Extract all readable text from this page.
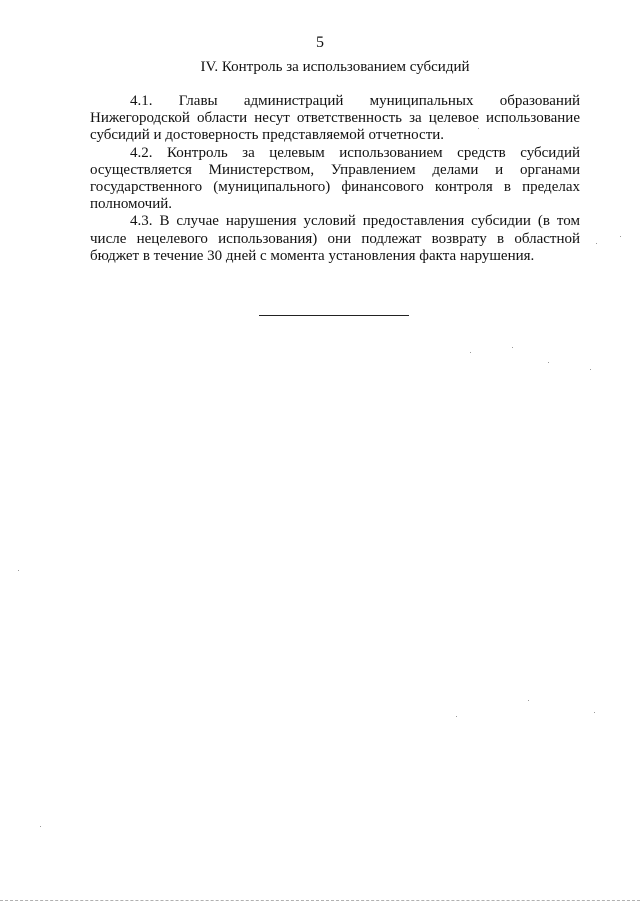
5
IV. Контроль за использованием субсидий

4.1. Главы администраций муниципальных образований Нижегородской области несут ответственность за целевое использование субсидий и достоверность представляемой отчетности.

4.2. Контроль за целевым использованием средств субсидий осуществляется Министерством, Управлением делами и органами государственного (муниципального) финансового контроля в пределах полномочий.

4.3. В случае нарушения условий предоставления субсидии (в том числе нецелевого использования) они подлежат возврату в областной бюджет в течение 30 дней с момента установления факта нарушения.
